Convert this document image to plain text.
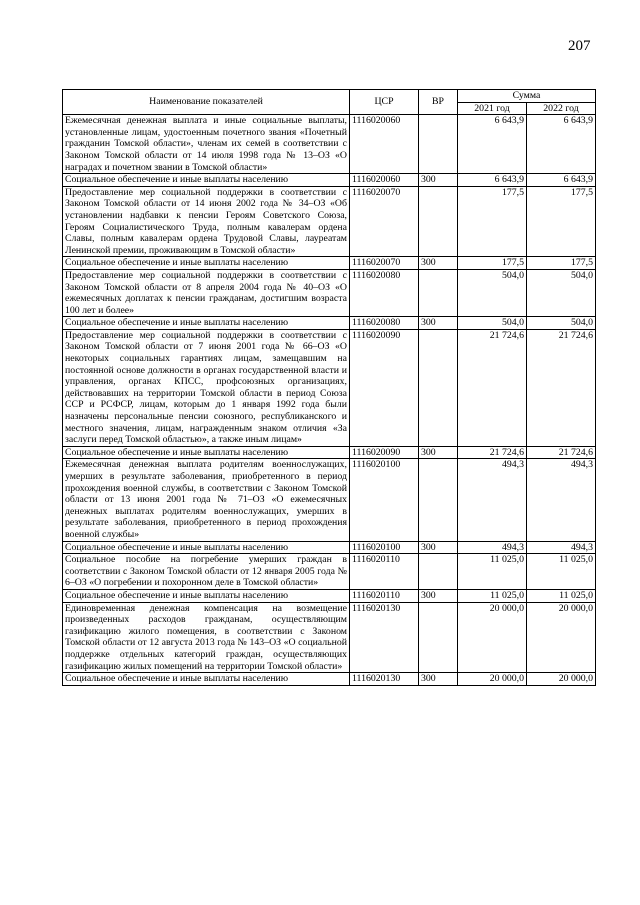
207
Наименование показателей	ЦСР	ВР	Сумма	
			2021 год	2022 год
Ежемесячная денежная выплата и иные социальные выплаты, установленные лицам, удостоенным почетного звания «Почетный гражданин Томской области», членам их семей в соответствии с Законом Томской области от 14 июля 1998 года № 13–ОЗ «О наградах и почетном звании в Томской области»	1116020060		6 643,9	6 643,9
Социальное обеспечение и иные выплаты населению	1116020060	300	6 643,9	6 643,9
Предоставление мер социальной поддержки в соответствии с Законом Томской области от 14 июня 2002 года № 34–ОЗ «Об установлении надбавки к пенсии Героям Советского Союза, Героям Социалистического Труда, полным кавалерам ордена Славы, полным кавалерам ордена Трудовой Славы, лауреатам Ленинской премии, проживающим в Томской области»	1116020070		177,5	177,5
Социальное обеспечение и иные выплаты населению	1116020070	300	177,5	177,5
Предоставление мер социальной поддержки в соответствии с Законом Томской области от 8 апреля 2004 года № 40–ОЗ «О ежемесячных доплатах к пенсии гражданам, достигшим возраста 100 лет и более»	1116020080		504,0	504,0
Социальное обеспечение и иные выплаты населению	1116020080	300	504,0	504,0
Предоставление мер социальной поддержки в соответствии с Законом Томской области от 7 июня 2001 года № 66–ОЗ «О некоторых социальных гарантиях лицам, замещавшим на постоянной основе должности в органах государственной власти и управления, органах КПСС, профсоюзных организациях, действовавших на территории Томской области в период Союза ССР и РСФСР, лицам, которым до 1 января 1992 года были назначены персональные пенсии союзного, республиканского и местного значения, лицам, награжденным знаком отличия «За заслуги перед Томской областью», а также иным лицам»	1116020090		21 724,6	21 724,6
Социальное обеспечение и иные выплаты населению	1116020090	300	21 724,6	21 724,6
Ежемесячная денежная выплата родителям военнослужащих, умерших в результате заболевания, приобретенного в период прохождения военной службы, в соответствии с Законом Томской области от 13 июня 2001 года № 71–ОЗ «О ежемесячных денежных выплатах родителям военнослужащих, умерших в результате заболевания, приобретенного в период прохождения военной службы»	1116020100		494,3	494,3
Социальное обеспечение и иные выплаты населению	1116020100	300	494,3	494,3
Социальное пособие на погребение умерших граждан в соответствии с Законом Томской области от 12 января 2005 года № 6–ОЗ «О погребении и похоронном деле в Томской области»	1116020110		11 025,0	11 025,0
Социальное обеспечение и иные выплаты населению	1116020110	300	11 025,0	11 025,0
Единовременная денежная компенсация на возмещение произведенных расходов гражданам, осуществляющим газификацию жилого помещения, в соответствии с Законом Томской области от 12 августа 2013 года № 143–ОЗ «О социальной поддержке отдельных категорий граждан, осуществляющих газификацию жилых помещений на территории Томской области»	1116020130		20 000,0	20 000,0
Социальное обеспечение и иные выплаты населению	1116020130	300	20 000,0	20 000,0
